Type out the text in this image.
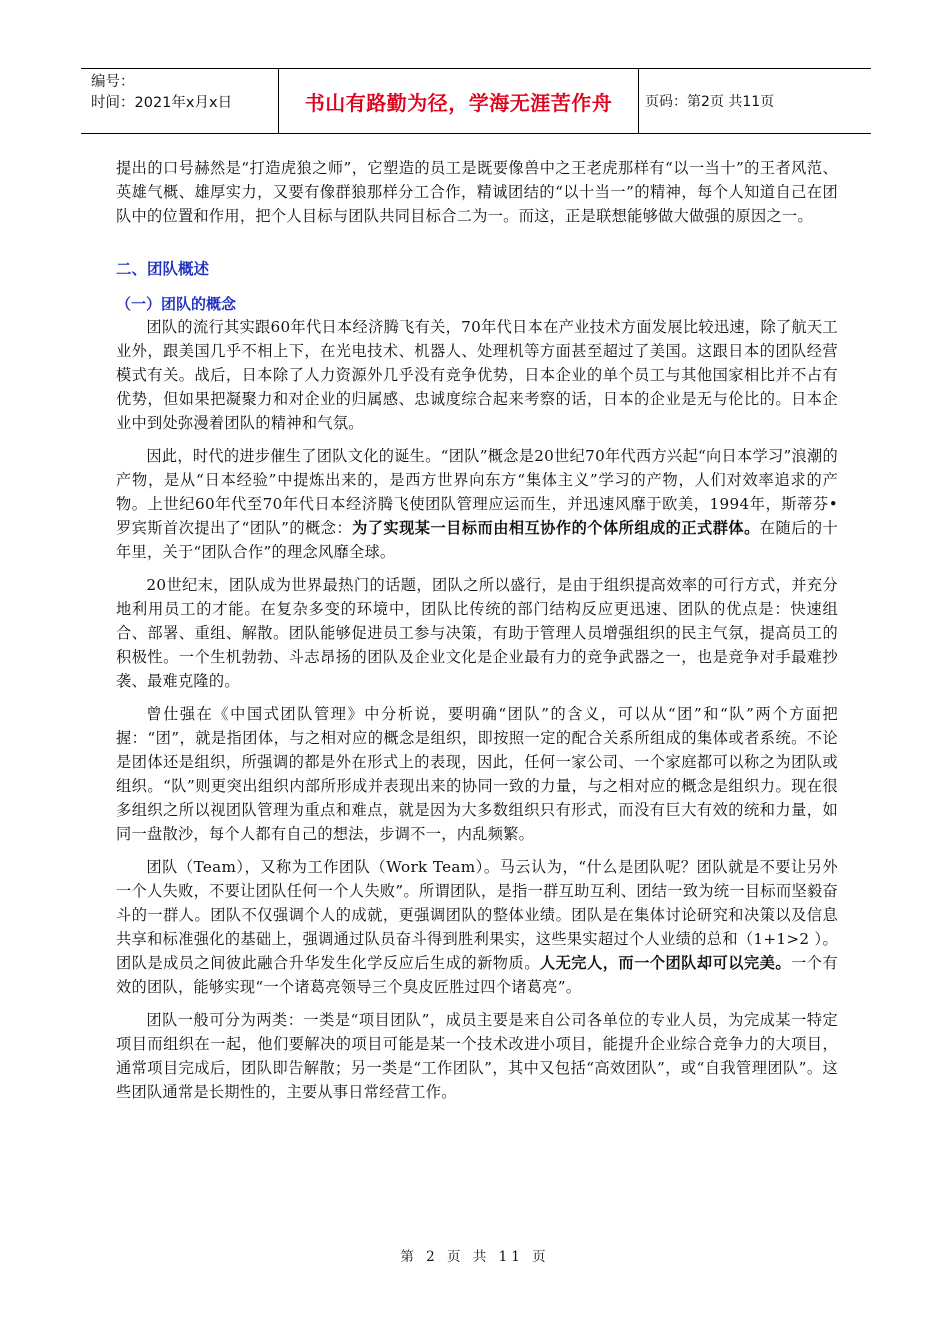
编号：
时间：2021年x月x日	书山有路勤为径，学海无涯苦作舟	页码：第2页 共11页

提出的口号赫然是“打造虎狼之师”，它塑造的员工是既要像兽中之王老虎那样有“以一当十”的王者风范、英雄气概、雄厚实力，又要有像群狼那样分工合作，精诚团结的“以十当一”的精神，每个人知道自己在团队中的位置和作用，把个人目标与团队共同目标合二为一。而这，正是联想能够做大做强的原因之一。

二、团队概述
（一）团队的概念

团队的流行其实跟60年代日本经济腾飞有关，70年代日本在产业技术方面发展比较迅速，除了航天工业外，跟美国几乎不相上下，在光电技术、机器人、处理机等方面甚至超过了美国。这跟日本的团队经营模式有关。战后，日本除了人力资源外几乎没有竞争优势，日本企业的单个员工与其他国家相比并不占有优势，但如果把凝聚力和对企业的归属感、忠诚度综合起来考察的话，日本的企业是无与伦比的。日本企业中到处弥漫着团队的精神和气氛。

因此，时代的进步催生了团队文化的诞生。“团队”概念是20世纪70年代西方兴起“向日本学习”浪潮的产物，是从“日本经验”中提炼出来的，是西方世界向东方“集体主义”学习的产物，人们对效率追求的产物。上世纪60年代至70年代日本经济腾飞使团队管理应运而生，并迅速风靡于欧美，1994年，斯蒂芬•罗宾斯首次提出了“团队”的概念：为了实现某一目标而由相互协作的个体所组成的正式群体。在随后的十年里，关于“团队合作”的理念风靡全球。

20世纪末，团队成为世界最热门的话题，团队之所以盛行，是由于组织提高效率的可行方式，并充分地利用员工的才能。在复杂多变的环境中，团队比传统的部门结构反应更迅速、团队的优点是：快速组合、部署、重组、解散。团队能够促进员工参与决策，有助于管理人员增强组织的民主气氛，提高员工的积极性。一个生机勃勃、斗志昂扬的团队及企业文化是企业最有力的竞争武器之一，也是竞争对手最难抄袭、最难克隆的。

曾仕强在《中国式团队管理》中分析说，要明确“团队”的含义，可以从“团”和“队”两个方面把握：“团”，就是指团体，与之相对应的概念是组织，即按照一定的配合关系所组成的集体或者系统。不论是团体还是组织，所强调的都是外在形式上的表现，因此，任何一家公司、一个家庭都可以称之为团队或组织。“队”则更突出组织内部所形成并表现出来的协同一致的力量，与之相对应的概念是组织力。现在很多组织之所以视团队管理为重点和难点，就是因为大多数组织只有形式，而没有巨大有效的统和力量，如同一盘散沙，每个人都有自己的想法，步调不一，内乱频繁。

团队（Team），又称为工作团队（Work Team）。马云认为，“什么是团队呢？团队就是不要让另外一个人失败，不要让团队任何一个人失败”。所谓团队，是指一群互助互利、团结一致为统一目标而坚毅奋斗的一群人。团队不仅强调个人的成就，更强调团队的整体业绩。团队是在集体讨论研究和决策以及信息共享和标准强化的基础上，强调通过队员奋斗得到胜利果实，这些果实超过个人业绩的总和（1+1>2 ）。团队是成员之间彼此融合升华发生化学反应后生成的新物质。人无完人，而一个团队却可以完美。一个有效的团队，能够实现“一个诸葛亮领导三个臭皮匠胜过四个诸葛亮”。

团队一般可分为两类：一类是“项目团队”，成员主要是来自公司各单位的专业人员，为完成某一特定项目而组织在一起，他们要解决的项目可能是某一个技术改进小项目，能提升企业综合竞争力的大项目，通常项目完成后，团队即告解散；另一类是“工作团队”，其中又包括“高效团队”，或“自我管理团队”。这些团队通常是长期性的，主要从事日常经营工作。

第 2 页 共 11 页
